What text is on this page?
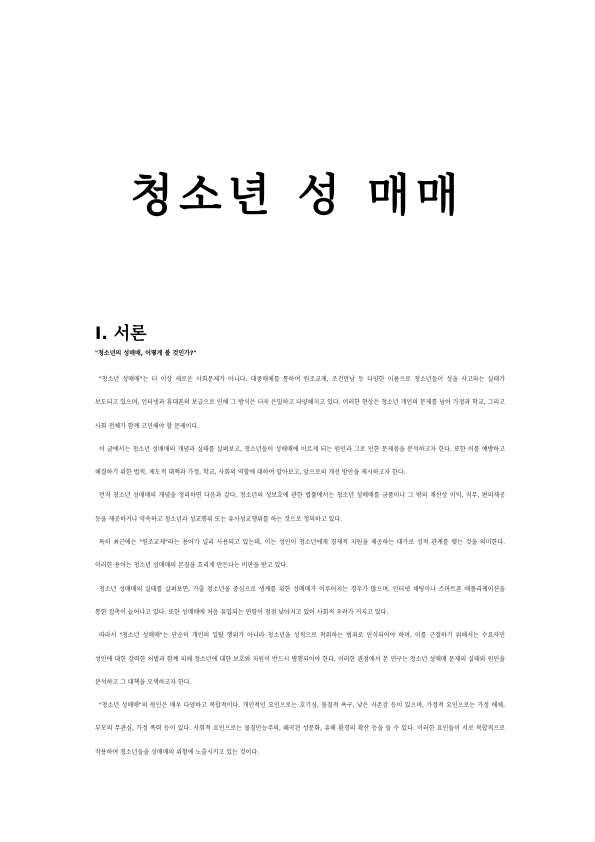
청소년 성 매매
Ⅰ. 서론
"청소년의 성매매, 어떻게 볼 것인가?"

"청소년 성매매"는 더 이상 새로운 사회문제가 아니다. 대중매체를 통하여 원조교제, 조건만남 등 다양한 이름으로 청소년들이 성을 사고파는 실태가 보도되고 있으며, 인터넷과 휴대폰의 보급으로 인해 그 방식은 더욱 은밀하고 다양해지고 있다. 이러한 현상은 청소년 개인의 문제를 넘어 가정과 학교, 그리고 사회 전체가 함께 고민해야 할 문제이다.

이 글에서는 청소년 성매매의 개념과 실태를 살펴보고, 청소년들이 성매매에 이르게 되는 원인과 그로 인한 문제점을 분석하고자 한다. 또한 이를 예방하고 해결하기 위한 법적, 제도적 대책과 가정, 학교, 사회의 역할에 대하여 알아보고, 앞으로의 개선 방안을 제시하고자 한다.

먼저 청소년 성매매의 개념을 정리하면 다음과 같다. 청소년의 성보호에 관한 법률에서는 청소년 성매매를 금품이나 그 밖의 재산상 이익, 직무, 편의제공 등을 제공하거나 약속하고 청소년과 성교행위 또는 유사성교행위를 하는 것으로 정의하고 있다.

특히 최근에는 "원조교제"라는 용어가 널리 사용되고 있는데, 이는 성인이 청소년에게 경제적 지원을 제공하는 대가로 성적 관계를 맺는 것을 의미한다. 이러한 용어는 청소년 성매매의 본질을 흐리게 만든다는 비판을 받고 있다.

청소년 성매매의 실태를 살펴보면, 가출 청소년을 중심으로 생계를 위한 성매매가 이루어지는 경우가 많으며, 인터넷 채팅이나 스마트폰 애플리케이션을 통한 접촉이 늘어나고 있다. 또한 성매매에 처음 유입되는 연령이 점점 낮아지고 있어 사회적 우려가 커지고 있다.

따라서 "청소년 성매매"는 단순히 개인의 일탈 행위가 아니라 청소년을 성적으로 착취하는 범죄로 인식되어야 하며, 이를 근절하기 위해서는 수요자인 성인에 대한 강력한 처벌과 함께 피해 청소년에 대한 보호와 지원이 반드시 병행되어야 한다. 이러한 관점에서 본 연구는 청소년 성매매 문제의 실태와 원인을 분석하고 그 대책을 모색하고자 한다.

"청소년 성매매"의 원인은 매우 다양하고 복합적이다. 개인적인 요인으로는 호기심, 물질적 욕구, 낮은 자존감 등이 있으며, 가정적 요인으로는 가정 해체, 부모의 무관심, 가정 폭력 등이 있다. 사회적 요인으로는 물질만능주의, 왜곡된 성문화, 유해 환경의 확산 등을 들 수 있다. 이러한 요인들이 서로 복합적으로 작용하여 청소년들을 성매매의 위험에 노출시키고 있는 것이다.
